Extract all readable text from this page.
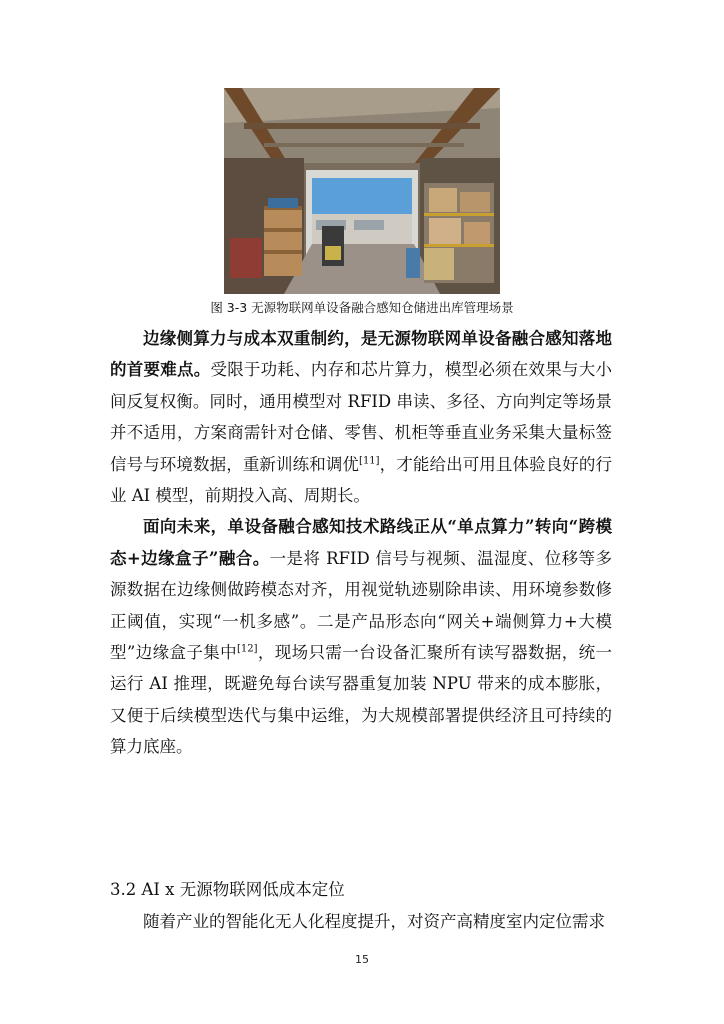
图 3-3 无源物联网单设备融合感知仓储进出库管理场景

边缘侧算力与成本双重制约，是无源物联网单设备融合感知落地的首要难点。受限于功耗、内存和芯片算力，模型必须在效果与大小间反复权衡。同时，通用模型对 RFID 串读、多径、方向判定等场景并不适用，方案商需针对仓储、零售、机柜等垂直业务采集大量标签信号与环境数据，重新训练和调优[11]，才能给出可用且体验良好的行业 AI 模型，前期投入高、周期长。

面向未来，单设备融合感知技术路线正从“单点算力”转向“跨模态+边缘盒子”融合。一是将 RFID 信号与视频、温湿度、位移等多源数据在边缘侧做跨模态对齐，用视觉轨迹剔除串读、用环境参数修正阈值，实现“一机多感”。二是产品形态向“网关+端侧算力+大模型”边缘盒子集中[12]，现场只需一台设备汇聚所有读写器数据，统一运行 AI 推理，既避免每台读写器重复加装 NPU 带来的成本膨胀，又便于后续模型迭代与集中运维，为大规模部署提供经济且可持续的算力底座。

3.2 AI x 无源物联网低成本定位
随着产业的智能化无人化程度提升，对资产高精度室内定位需求
15
